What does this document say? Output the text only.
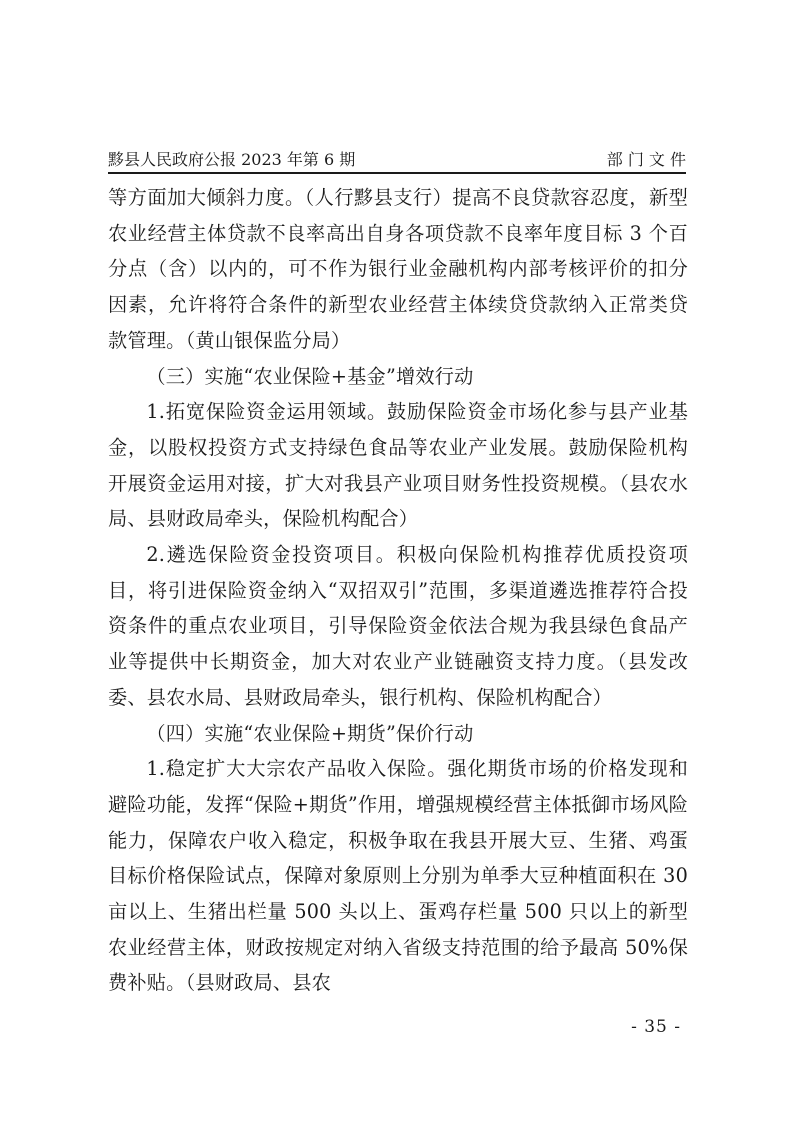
黟县人民政府公报 2023 年第 6 期	部 门 文 件

等方面加大倾斜力度。（人行黟县支行）提高不良贷款容忍度，新型农业经营主体贷款不良率高出自身各项贷款不良率年度目标 3 个百分点（含）以内的，可不作为银行业金融机构内部考核评价的扣分因素，允许将符合条件的新型农业经营主体续贷贷款纳入正常类贷款管理。（黄山银保监分局）

（三）实施“农业保险+基金”增效行动

1.拓宽保险资金运用领域。鼓励保险资金市场化参与县产业基金，以股权投资方式支持绿色食品等农业产业发展。鼓励保险机构开展资金运用对接，扩大对我县产业项目财务性投资规模。（县农水局、县财政局牵头，保险机构配合）

2.遴选保险资金投资项目。积极向保险机构推荐优质投资项目，将引进保险资金纳入“双招双引”范围，多渠道遴选推荐符合投资条件的重点农业项目，引导保险资金依法合规为我县绿色食品产业等提供中长期资金，加大对农业产业链融资支持力度。（县发改委、县农水局、县财政局牵头，银行机构、保险机构配合）

（四）实施“农业保险+期货”保价行动

1.稳定扩大大宗农产品收入保险。强化期货市场的价格发现和避险功能，发挥“保险+期货”作用，增强规模经营主体抵御市场风险能力，保障农户收入稳定，积极争取在我县开展大豆、生猪、鸡蛋目标价格保险试点，保障对象原则上分别为单季大豆种植面积在 30 亩以上、生猪出栏量 500 头以上、蛋鸡存栏量 500 只以上的新型农业经营主体，财政按规定对纳入省级支持范围的给予最高 50%保费补贴。（县财政局、县农

- 35 -
